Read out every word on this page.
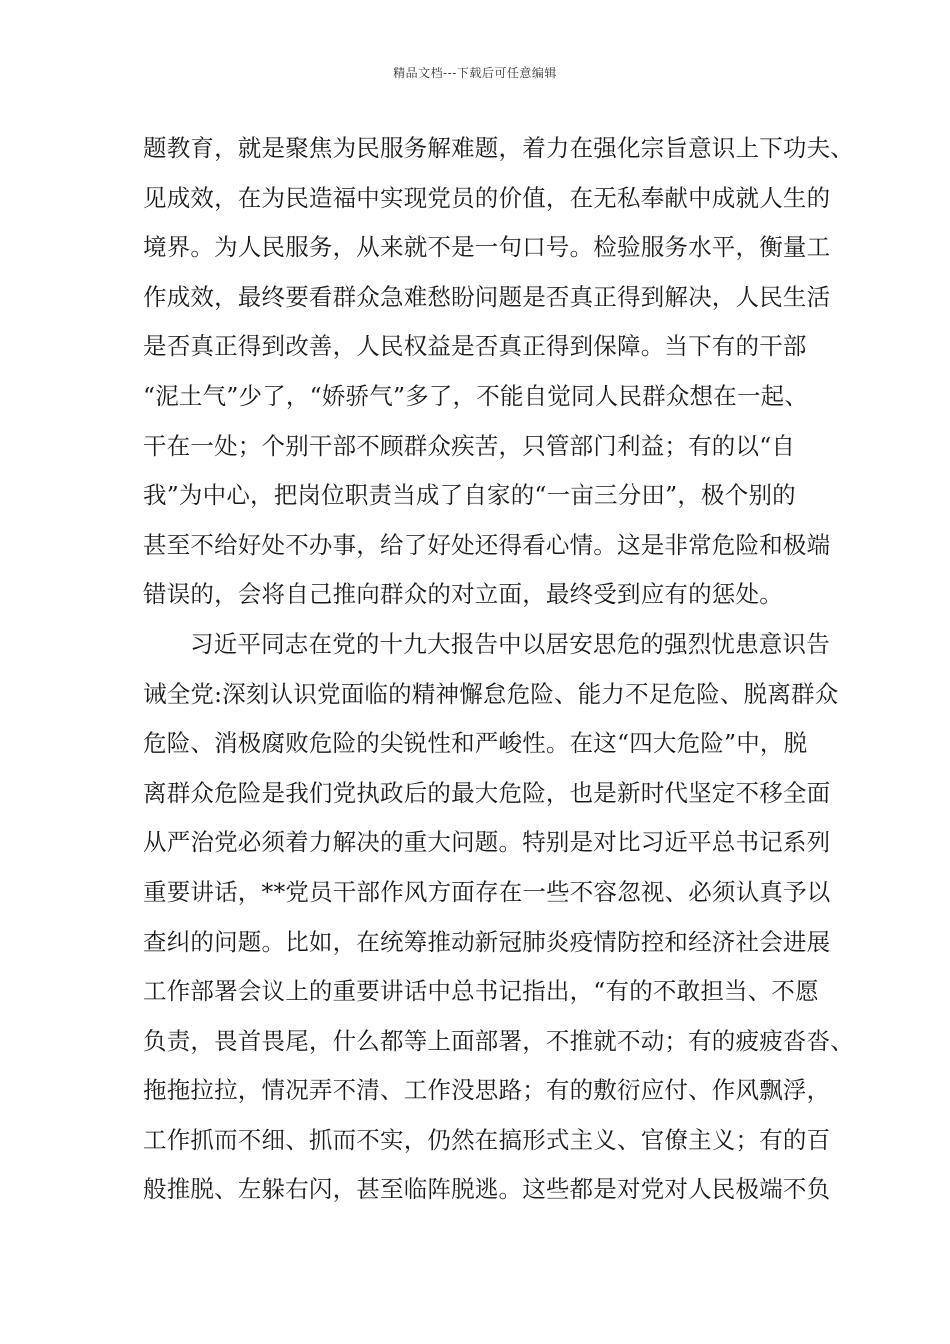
精品文档---下载后可任意编辑
题教育，就是聚焦为民服务解难题，着力在强化宗旨意识上下功夫、
见成效，在为民造福中实现党员的价值，在无私奉献中成就人生的
境界。为人民服务，从来就不是一句口号。检验服务水平，衡量工
作成效，最终要看群众急难愁盼问题是否真正得到解决，人民生活
是否真正得到改善，人民权益是否真正得到保障。当下有的干部
“泥土气”少了，“娇骄气”多了，不能自觉同人民群众想在一起、
干在一处；个别干部不顾群众疾苦，只管部门利益；有的以“自
我”为中心，把岗位职责当成了自家的“一亩三分田”，极个别的
甚至不给好处不办事，给了好处还得看心情。这是非常危险和极端
错误的，会将自己推向群众的对立面，最终受到应有的惩处。
习近平同志在党的十九大报告中以居安思危的强烈忧患意识告
诫全党:深刻认识党面临的精神懈怠危险、能力不足危险、脱离群众
危险、消极腐败危险的尖锐性和严峻性。在这“四大危险”中，脱
离群众危险是我们党执政后的最大危险，也是新时代坚定不移全面
从严治党必须着力解决的重大问题。特别是对比习近平总书记系列
重要讲话，**党员干部作风方面存在一些不容忽视、必须认真予以
查纠的问题。比如，在统筹推动新冠肺炎疫情防控和经济社会进展
工作部署会议上的重要讲话中总书记指出，“有的不敢担当、不愿
负责，畏首畏尾，什么都等上面部署，不推就不动；有的疲疲沓沓、
拖拖拉拉，情况弄不清、工作没思路；有的敷衍应付、作风飘浮，
工作抓而不细、抓而不实，仍然在搞形式主义、官僚主义；有的百
般推脱、左躲右闪，甚至临阵脱逃。这些都是对党对人民极端不负
